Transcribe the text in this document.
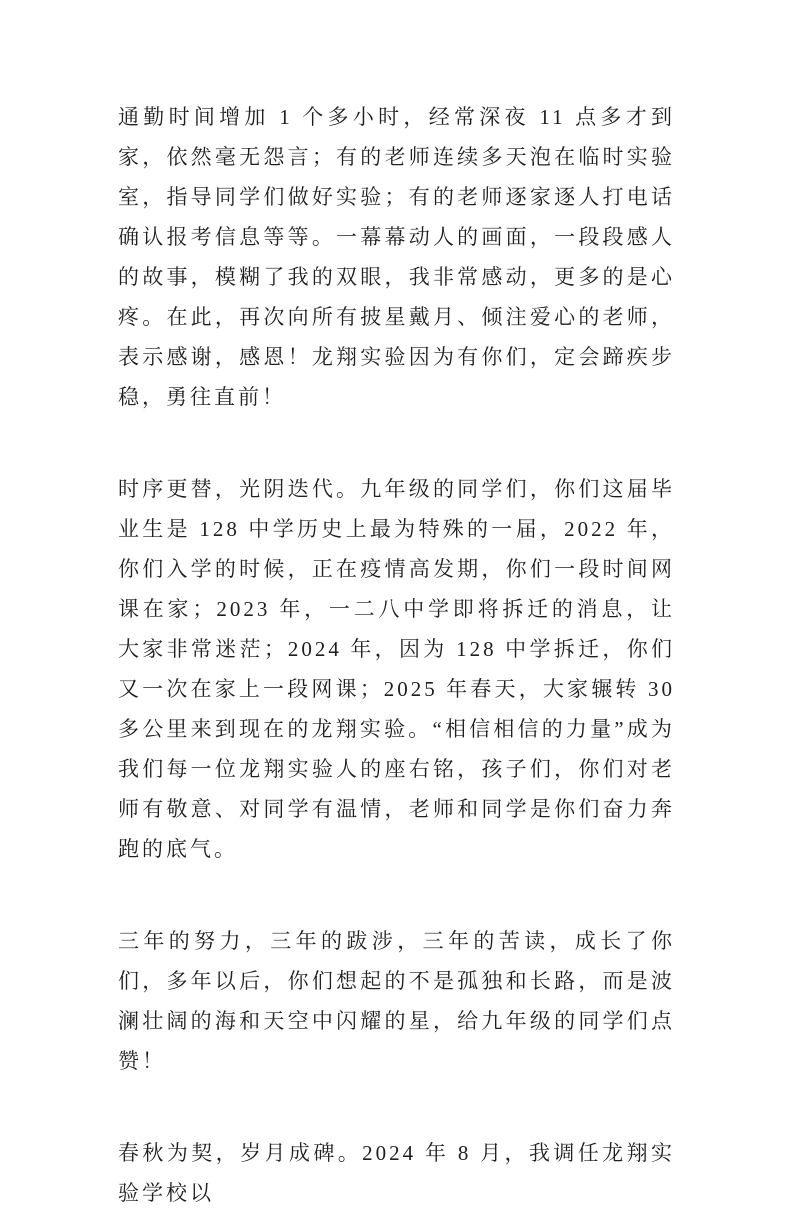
通勤时间增加 1 个多小时，经常深夜 11 点多才到家，依然毫无怨言；有的老师连续多天泡在临时实验室，指导同学们做好实验；有的老师逐家逐人打电话确认报考信息等等。一幕幕动人的画面，一段段感人的故事，模糊了我的双眼，我非常感动，更多的是心疼。在此，再次向所有披星戴月、倾注爱心的老师，表示感谢，感恩！龙翔实验因为有你们，定会蹄疾步稳，勇往直前！

时序更替，光阴迭代。九年级的同学们，你们这届毕业生是 128 中学历史上最为特殊的一届，2022 年，你们入学的时候，正在疫情高发期，你们一段时间网课在家；2023 年，一二八中学即将拆迁的消息，让大家非常迷茫；2024 年，因为 128 中学拆迁，你们又一次在家上一段网课；2025 年春天，大家辗转 30 多公里来到现在的龙翔实验。“相信相信的力量”成为我们每一位龙翔实验人的座右铭，孩子们，你们对老师有敬意、对同学有温情，老师和同学是你们奋力奔跑的底气。

三年的努力，三年的跋涉，三年的苦读，成长了你们，多年以后，你们想起的不是孤独和长路，而是波澜壮阔的海和天空中闪耀的星，给九年级的同学们点赞！

春秋为契，岁月成碑。2024 年 8 月，我调任龙翔实验学校以
